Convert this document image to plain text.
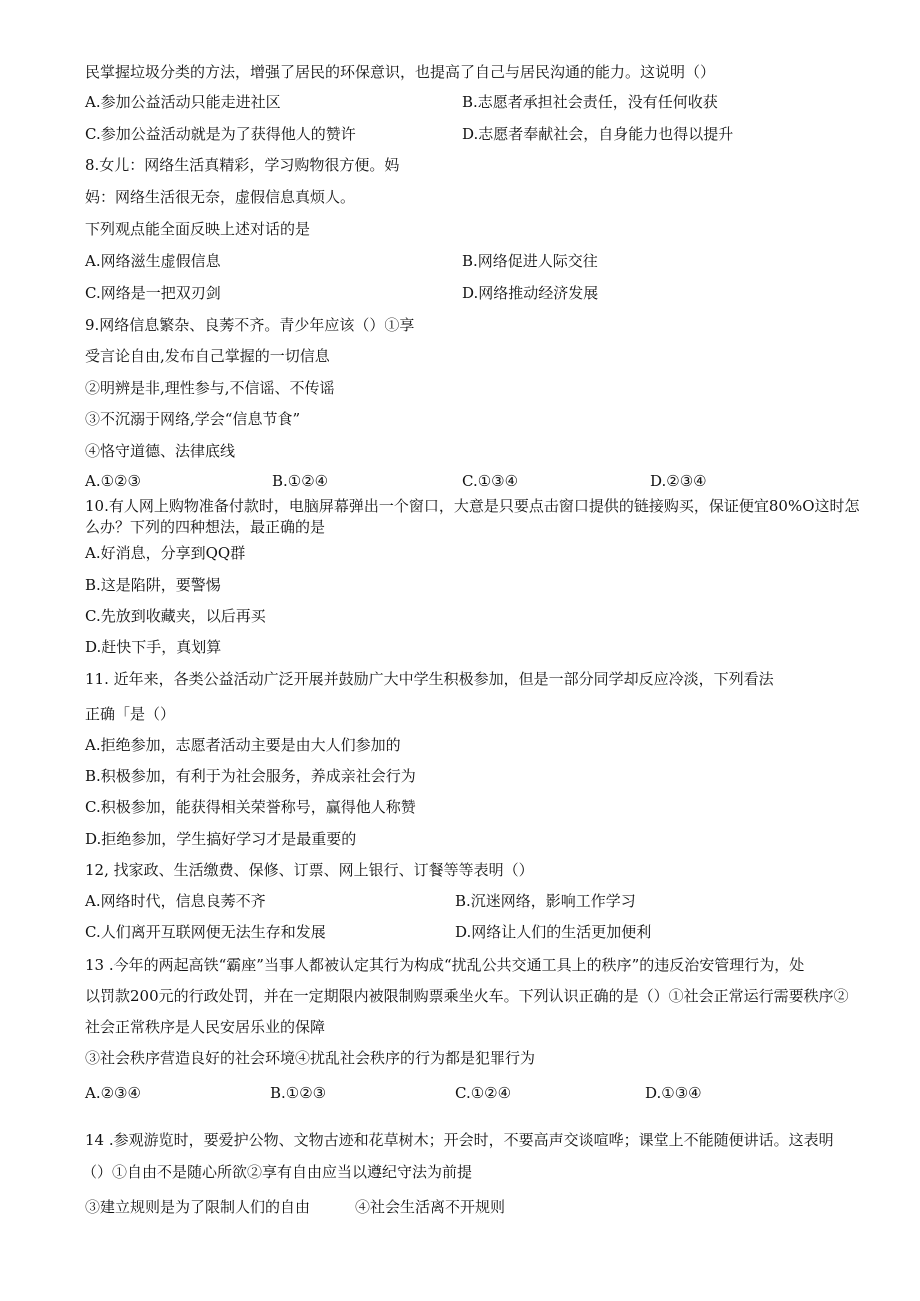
民掌握垃圾分类的方法，增强了居民的环保意识，也提高了自己与居民沟通的能力。这说明（）
A.参加公益活动只能走进社区	B.志愿者承担社会责任，没有任何收获
C.参加公益活动就是为了获得他人的赞许	D.志愿者奉献社会，自身能力也得以提升
8.女儿：网络生活真精彩，学习购物很方便。妈
妈：网络生活很无奈，虚假信息真烦人。
下列观点能全面反映上述对话的是
A.网络滋生虚假信息	B.网络促进人际交往
C.网络是一把双刃剑	D.网络推动经济发展
9.网络信息繁杂、良莠不齐。青少年应该（）①享
受言论自由,发布自己掌握的一切信息
②明辨是非,理性参与,不信谣、不传谣
③不沉溺于网络,学会“信息节食”
④恪守道德、法律底线
A.①②③	B.①②④	C.①③④	D.②③④
10.有人网上购物准备付款时，电脑屏幕弹出一个窗口，大意是只要点击窗口提供的链接购买，保证便宜80%O这时怎
么办？下列的四种想法，最正确的是
A.好消息，分享到QQ群
B.这是陷阱，要警惕
C.先放到收藏夹，以后再买
D.赶快下手，真划算
11. 近年来，各类公益活动广泛开展并鼓励广大中学生积极参加，但是一部分同学却反应冷淡，下列看法
正确「是（）
A.拒绝参加，志愿者活动主要是由大人们参加的
B.积极参加，有利于为社会服务，养成亲社会行为
C.积极参加，能获得相关荣誉称号，赢得他人称赞
D.拒绝参加，学生搞好学习才是最重要的
12, 找家政、生活缴费、保修、订票、网上银行、订餐等等表明（）
A.网络时代，信息良莠不齐	B.沉迷网络，影响工作学习
C.人们离开互联网便无法生存和发展	D.网络让人们的生活更加便利
13 .今年的两起高铁“霸座”当事人都被认定其行为构成“扰乱公共交通工具上的秩序”的违反治安管理行为，处
以罚款200元的行政处罚，并在一定期限内被限制购票乘坐火车。下列认识正确的是（）①社会正常运行需要秩序②
社会正常秩序是人民安居乐业的保障
③社会秩序营造良好的社会环境④扰乱社会秩序的行为都是犯罪行为
A.②③④	B.①②③	C.①②④	D.①③④
14 .参观游览时，要爱护公物、文物古迹和花草树木；开会时，不要高声交谈喧哗；课堂上不能随便讲话。这表明
（）①自由不是随心所欲②享有自由应当以遵纪守法为前提
③建立规则是为了限制人们的自由	④社会生活离不开规则
